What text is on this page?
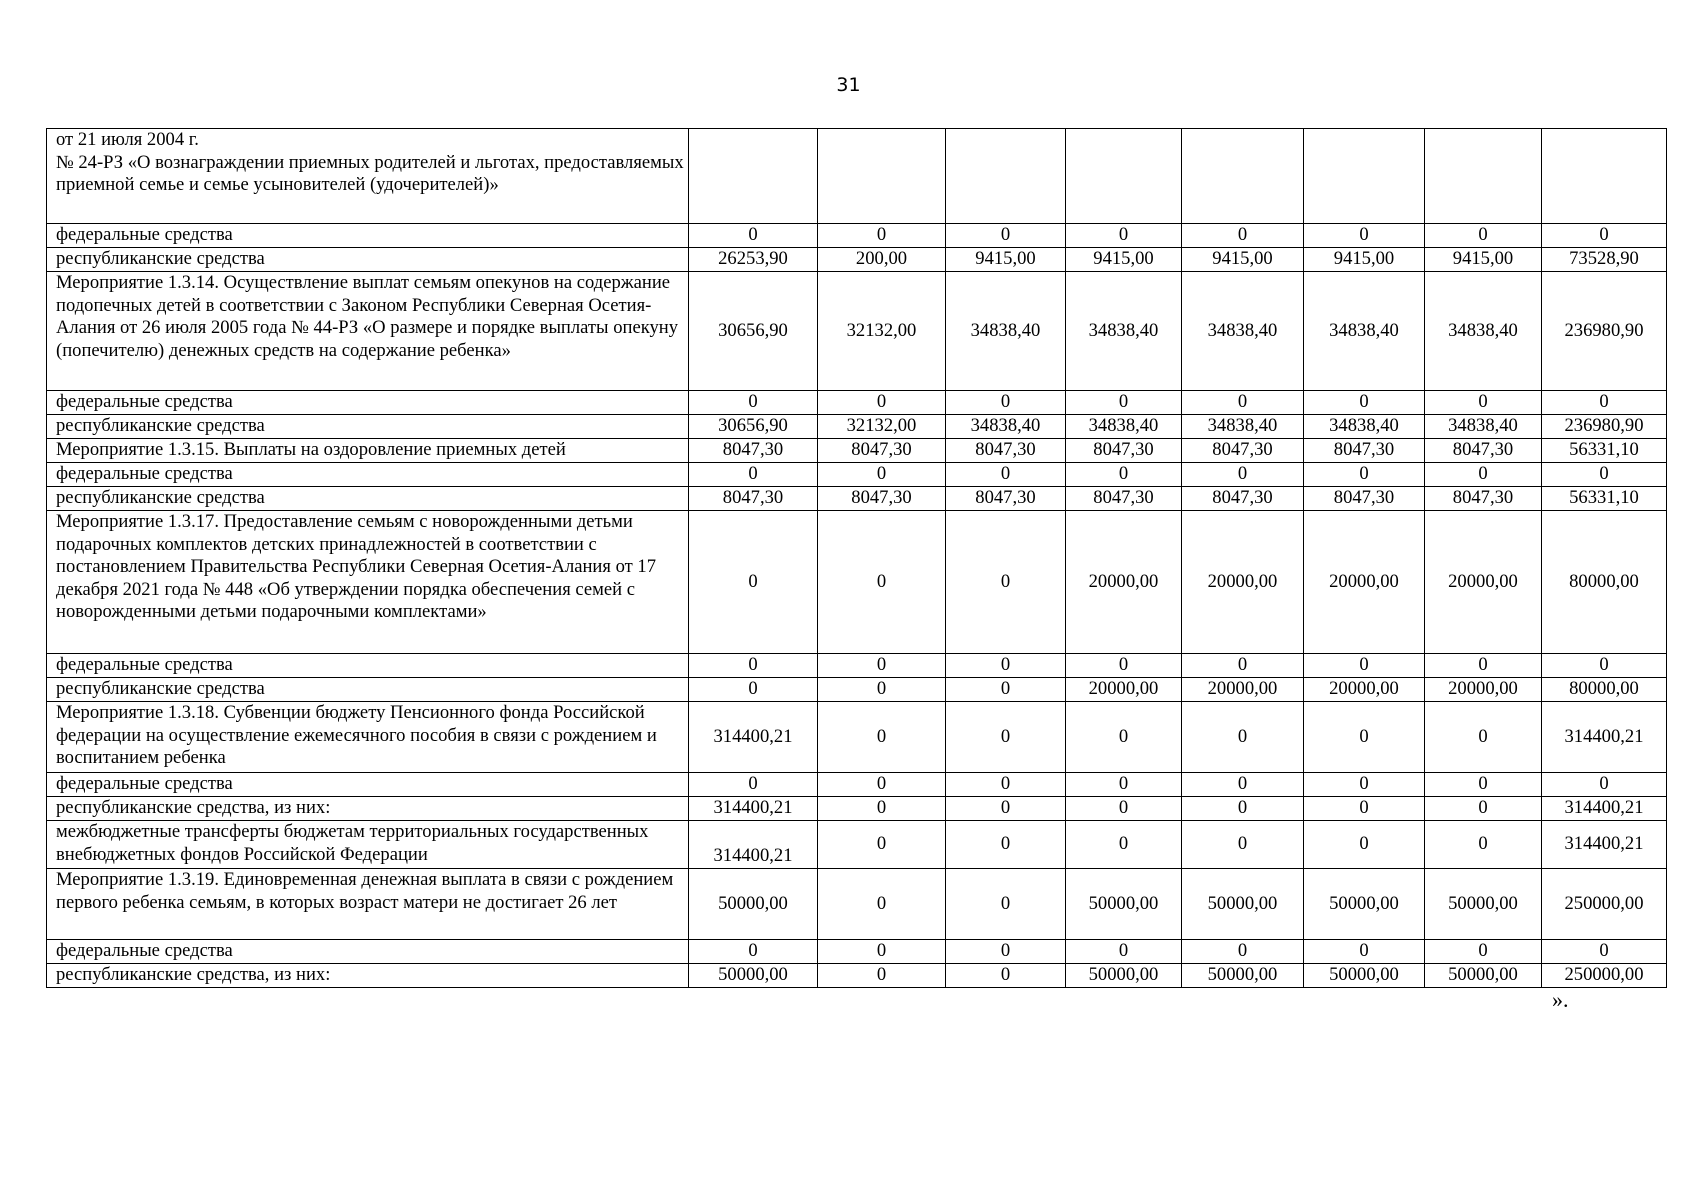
31
от 21 июля 2004 г.
№ 24-РЗ «О вознаграждении приемных родителей и льготах, предоставляемых приемной семье и семье усыновителей (удочерителей)»								
федеральные средства	0	0	0	0	0	0	0	0
республиканские средства	26253,90	200,00	9415,00	9415,00	9415,00	9415,00	9415,00	73528,90
Мероприятие 1.3.14. Осуществление выплат семьям опекунов на содержание подопечных детей в соответствии с Законом Республики Северная Осетия-Алания от 26 июля 2005 года № 44-РЗ «О размере и порядке выплаты опекуну (попечителю) денежных средств на содержание ребенка»	30656,90	32132,00	34838,40	34838,40	34838,40	34838,40	34838,40	236980,90
федеральные средства	0	0	0	0	0	0	0	0
республиканские средства	30656,90	32132,00	34838,40	34838,40	34838,40	34838,40	34838,40	236980,90
Мероприятие 1.3.15. Выплаты на оздоровление приемных детей	8047,30	8047,30	8047,30	8047,30	8047,30	8047,30	8047,30	56331,10
федеральные средства	0	0	0	0	0	0	0	0
республиканские средства	8047,30	8047,30	8047,30	8047,30	8047,30	8047,30	8047,30	56331,10
Мероприятие 1.3.17. Предоставление семьям с новорожденными детьми подарочных комплектов детских принадлежностей в соответствии с постановлением Правительства Республики Северная Осетия-Алания от 17 декабря 2021 года № 448 «Об утверждении порядка обеспечения семей с новорожденными детьми подарочными комплектами»	0	0	0	20000,00	20000,00	20000,00	20000,00	80000,00
федеральные средства	0	0	0	0	0	0	0	0
республиканские средства	0	0	0	20000,00	20000,00	20000,00	20000,00	80000,00
Мероприятие 1.3.18. Субвенции бюджету Пенсионного фонда Российской федерации на осуществление ежемесячного пособия в связи с рождением и воспитанием ребенка	314400,21	0	0	0	0	0	0	314400,21
федеральные средства	0	0	0	0	0	0	0	0
республиканские средства, из них:	314400,21	0	0	0	0	0	0	314400,21
межбюджетные трансферты бюджетам территориальных государственных внебюджетных фондов Российской Федерации	314400,21	0	0	0	0	0	0	314400,21
Мероприятие 1.3.19. Единовременная денежная выплата в связи с рождением первого ребенка семьям, в которых возраст матери не достигает 26 лет	50000,00	0	0	50000,00	50000,00	50000,00	50000,00	250000,00
федеральные средства	0	0	0	0	0	0	0	0
республиканские средства, из них:	50000,00	0	0	50000,00	50000,00	50000,00	50000,00	250000,00
».
